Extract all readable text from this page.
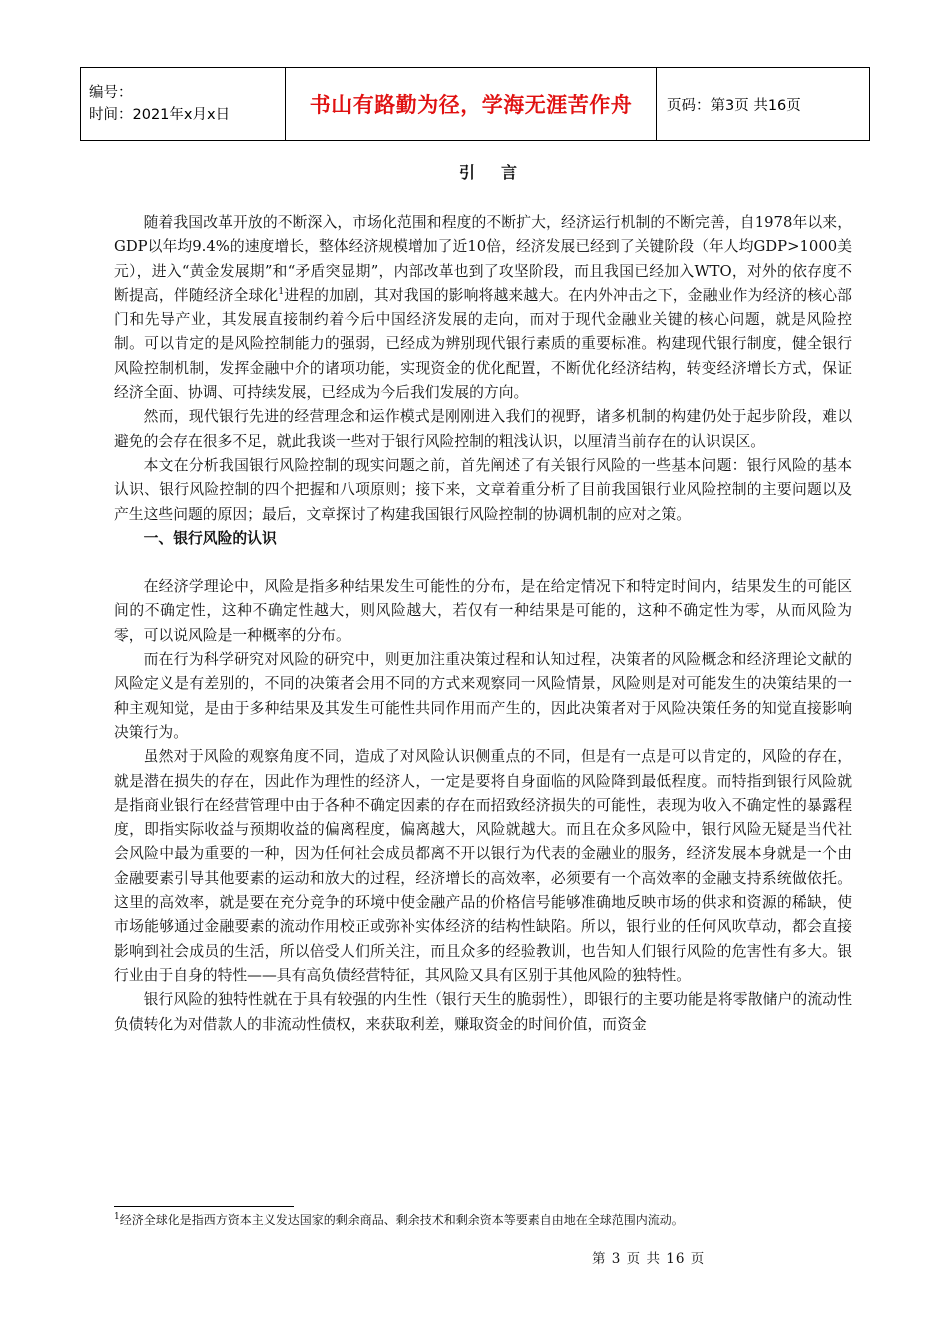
编号：
时间：2021年x月x日	书山有路勤为径，学海无涯苦作舟	页码：第3页 共16页
引言

随着我国改革开放的不断深入，市场化范围和程度的不断扩大，经济运行机制的不断完善，自1978年以来，GDP以年均9.4%的速度增长，整体经济规模增加了近10倍，经济发展已经到了关键阶段（年人均GDP>1000美元），进入“黄金发展期”和“矛盾突显期”，内部改革也到了攻坚阶段，而且我国已经加入WTO，对外的依存度不断提高，伴随经济全球化$^1$进程的加剧，其对我国的影响将越来越大。在内外冲击之下，金融业作为经济的核心部门和先导产业，其发展直接制约着今后中国经济发展的走向，而对于现代金融业关键的核心问题，就是风险控制。可以肯定的是风险控制能力的强弱，已经成为辨别现代银行素质的重要标准。构建现代银行制度，健全银行风险控制机制，发挥金融中介的诸项功能，实现资金的优化配置，不断优化经济结构，转变经济增长方式，保证经济全面、协调、可持续发展，已经成为今后我们发展的方向。

然而，现代银行先进的经营理念和运作模式是刚刚进入我们的视野，诸多机制的构建仍处于起步阶段，难以避免的会存在很多不足，就此我谈一些对于银行风险控制的粗浅认识，以厘清当前存在的认识误区。

本文在分析我国银行风险控制的现实问题之前，首先阐述了有关银行风险的一些基本问题：银行风险的基本认识、银行风险控制的四个把握和八项原则；接下来，文章着重分析了目前我国银行业风险控制的主要问题以及产生这些问题的原因；最后，文章探讨了构建我国银行风险控制的协调机制的应对之策。

一、银行风险的认识

在经济学理论中，风险是指多种结果发生可能性的分布，是在给定情况下和特定时间内，结果发生的可能区间的不确定性，这种不确定性越大，则风险越大，若仅有一种结果是可能的，这种不确定性为零，从而风险为零，可以说风险是一种概率的分布。

而在行为科学研究对风险的研究中，则更加注重决策过程和认知过程，决策者的风险概念和经济理论文献的风险定义是有差别的，不同的决策者会用不同的方式来观察同一风险情景，风险则是对可能发生的决策结果的一种主观知觉，是由于多种结果及其发生可能性共同作用而产生的，因此决策者对于风险决策任务的知觉直接影响决策行为。

虽然对于风险的观察角度不同，造成了对风险认识侧重点的不同，但是有一点是可以肯定的，风险的存在，就是潜在损失的存在，因此作为理性的经济人，一定是要将自身面临的风险降到最低程度。而特指到银行风险就是指商业银行在经营管理中由于各种不确定因素的存在而招致经济损失的可能性，表现为收入不确定性的暴露程度，即指实际收益与预期收益的偏离程度，偏离越大，风险就越大。而且在众多风险中，银行风险无疑是当代社会风险中最为重要的一种，因为任何社会成员都离不开以银行为代表的金融业的服务，经济发展本身就是一个由金融要素引导其他要素的运动和放大的过程，经济增长的高效率，必须要有一个高效率的金融支持系统做依托。这里的高效率，就是要在充分竞争的环境中使金融产品的价格信号能够准确地反映市场的供求和资源的稀缺，使市场能够通过金融要素的流动作用校正或弥补实体经济的结构性缺陷。所以，银行业的任何风吹草动，都会直接影响到社会成员的生活，所以倍受人们所关注，而且众多的经验教训，也告知人们银行风险的危害性有多大。银行业由于自身的特性——具有高负债经营特征，其风险又具有区别于其他风险的独特性。

银行风险的独特性就在于具有较强的内生性（银行天生的脆弱性），即银行的主要功能是将零散储户的流动性负债转化为对借款人的非流动性债权，来获取利差，赚取资金的时间价值，而资金

$^1$经济全球化是指西方资本主义发达国家的剩余商品、剩余技术和剩余资本等要素自由地在全球范围内流动。
第 3 页 共 16 页
